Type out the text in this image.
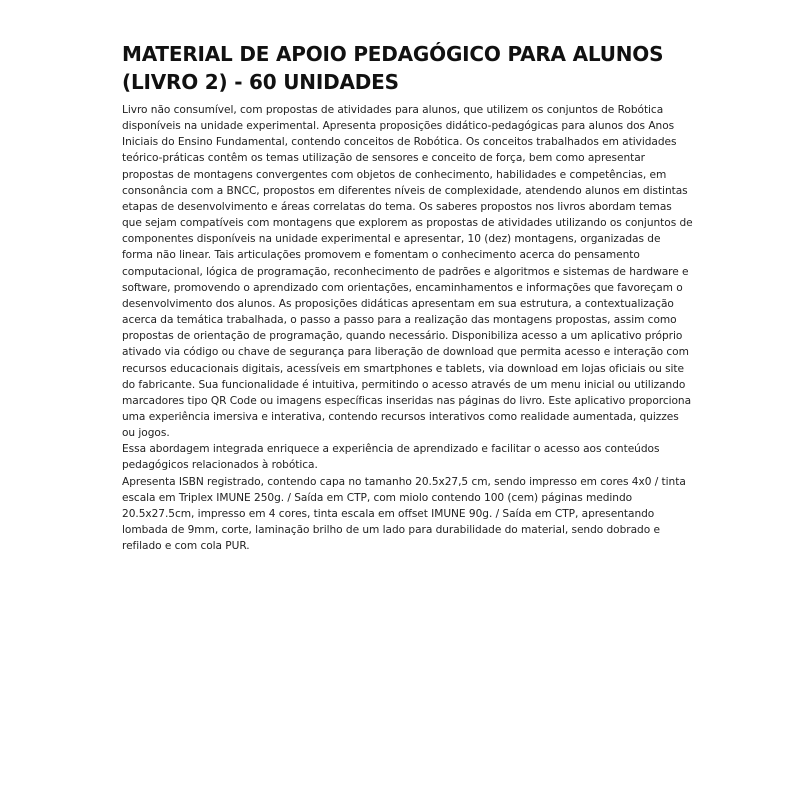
MATERIAL DE APOIO PEDAGÓGICO PARA ALUNOS (LIVRO 2) - 60 UNIDADES

Livro não consumível, com propostas de atividades para alunos, que utilizem os conjuntos de Robótica disponíveis na unidade experimental. Apresenta proposições didático-pedagógicas para alunos dos Anos Iniciais do Ensino Fundamental, contendo conceitos de Robótica. Os conceitos trabalhados em atividades teórico-práticas contêm os temas utilização de sensores e conceito de força, bem como apresentar propostas de montagens convergentes com objetos de conhecimento, habilidades e competências, em consonância com a BNCC, propostos em diferentes níveis de complexidade, atendendo alunos em distintas etapas de desenvolvimento e áreas correlatas do tema. Os saberes propostos nos livros abordam temas que sejam compatíveis com montagens que explorem as propostas de atividades utilizando os conjuntos de componentes disponíveis na unidade experimental e apresentar, 10 (dez) montagens, organizadas de forma não linear. Tais articulações promovem e fomentam o conhecimento acerca do pensamento computacional, lógica de programação, reconhecimento de padrões e algoritmos e sistemas de hardware e software, promovendo o aprendizado com orientações, encaminhamentos e informações que favoreçam o desenvolvimento dos alunos. As proposições didáticas apresentam em sua estrutura, a contextualização acerca da temática trabalhada, o passo a passo para a realização das montagens propostas, assim como propostas de orientação de programação, quando necessário. Disponibiliza acesso a um aplicativo próprio ativado via código ou chave de segurança para liberação de download que permita acesso e interação com recursos educacionais digitais, acessíveis em smartphones e tablets, via download em lojas oficiais ou site do fabricante. Sua funcionalidade é intuitiva, permitindo o acesso através de um menu inicial ou utilizando marcadores tipo QR Code ou imagens específicas inseridas nas páginas do livro. Este aplicativo proporciona uma experiência imersiva e interativa, contendo recursos interativos como realidade aumentada, quizzes ou jogos.

Essa abordagem integrada enriquece a experiência de aprendizado e facilitar o acesso aos conteúdos pedagógicos relacionados à robótica.

Apresenta ISBN registrado, contendo capa no tamanho 20.5x27,5 cm, sendo impresso em cores 4x0 / tinta escala em Triplex IMUNE 250g. / Saída em CTP, com miolo contendo 100 (cem) páginas medindo 20.5x27.5cm, impresso em 4 cores, tinta escala em offset IMUNE 90g. / Saída em CTP, apresentando lombada de 9mm, corte, laminação brilho de um lado para durabilidade do material, sendo dobrado e refilado e com cola PUR.
